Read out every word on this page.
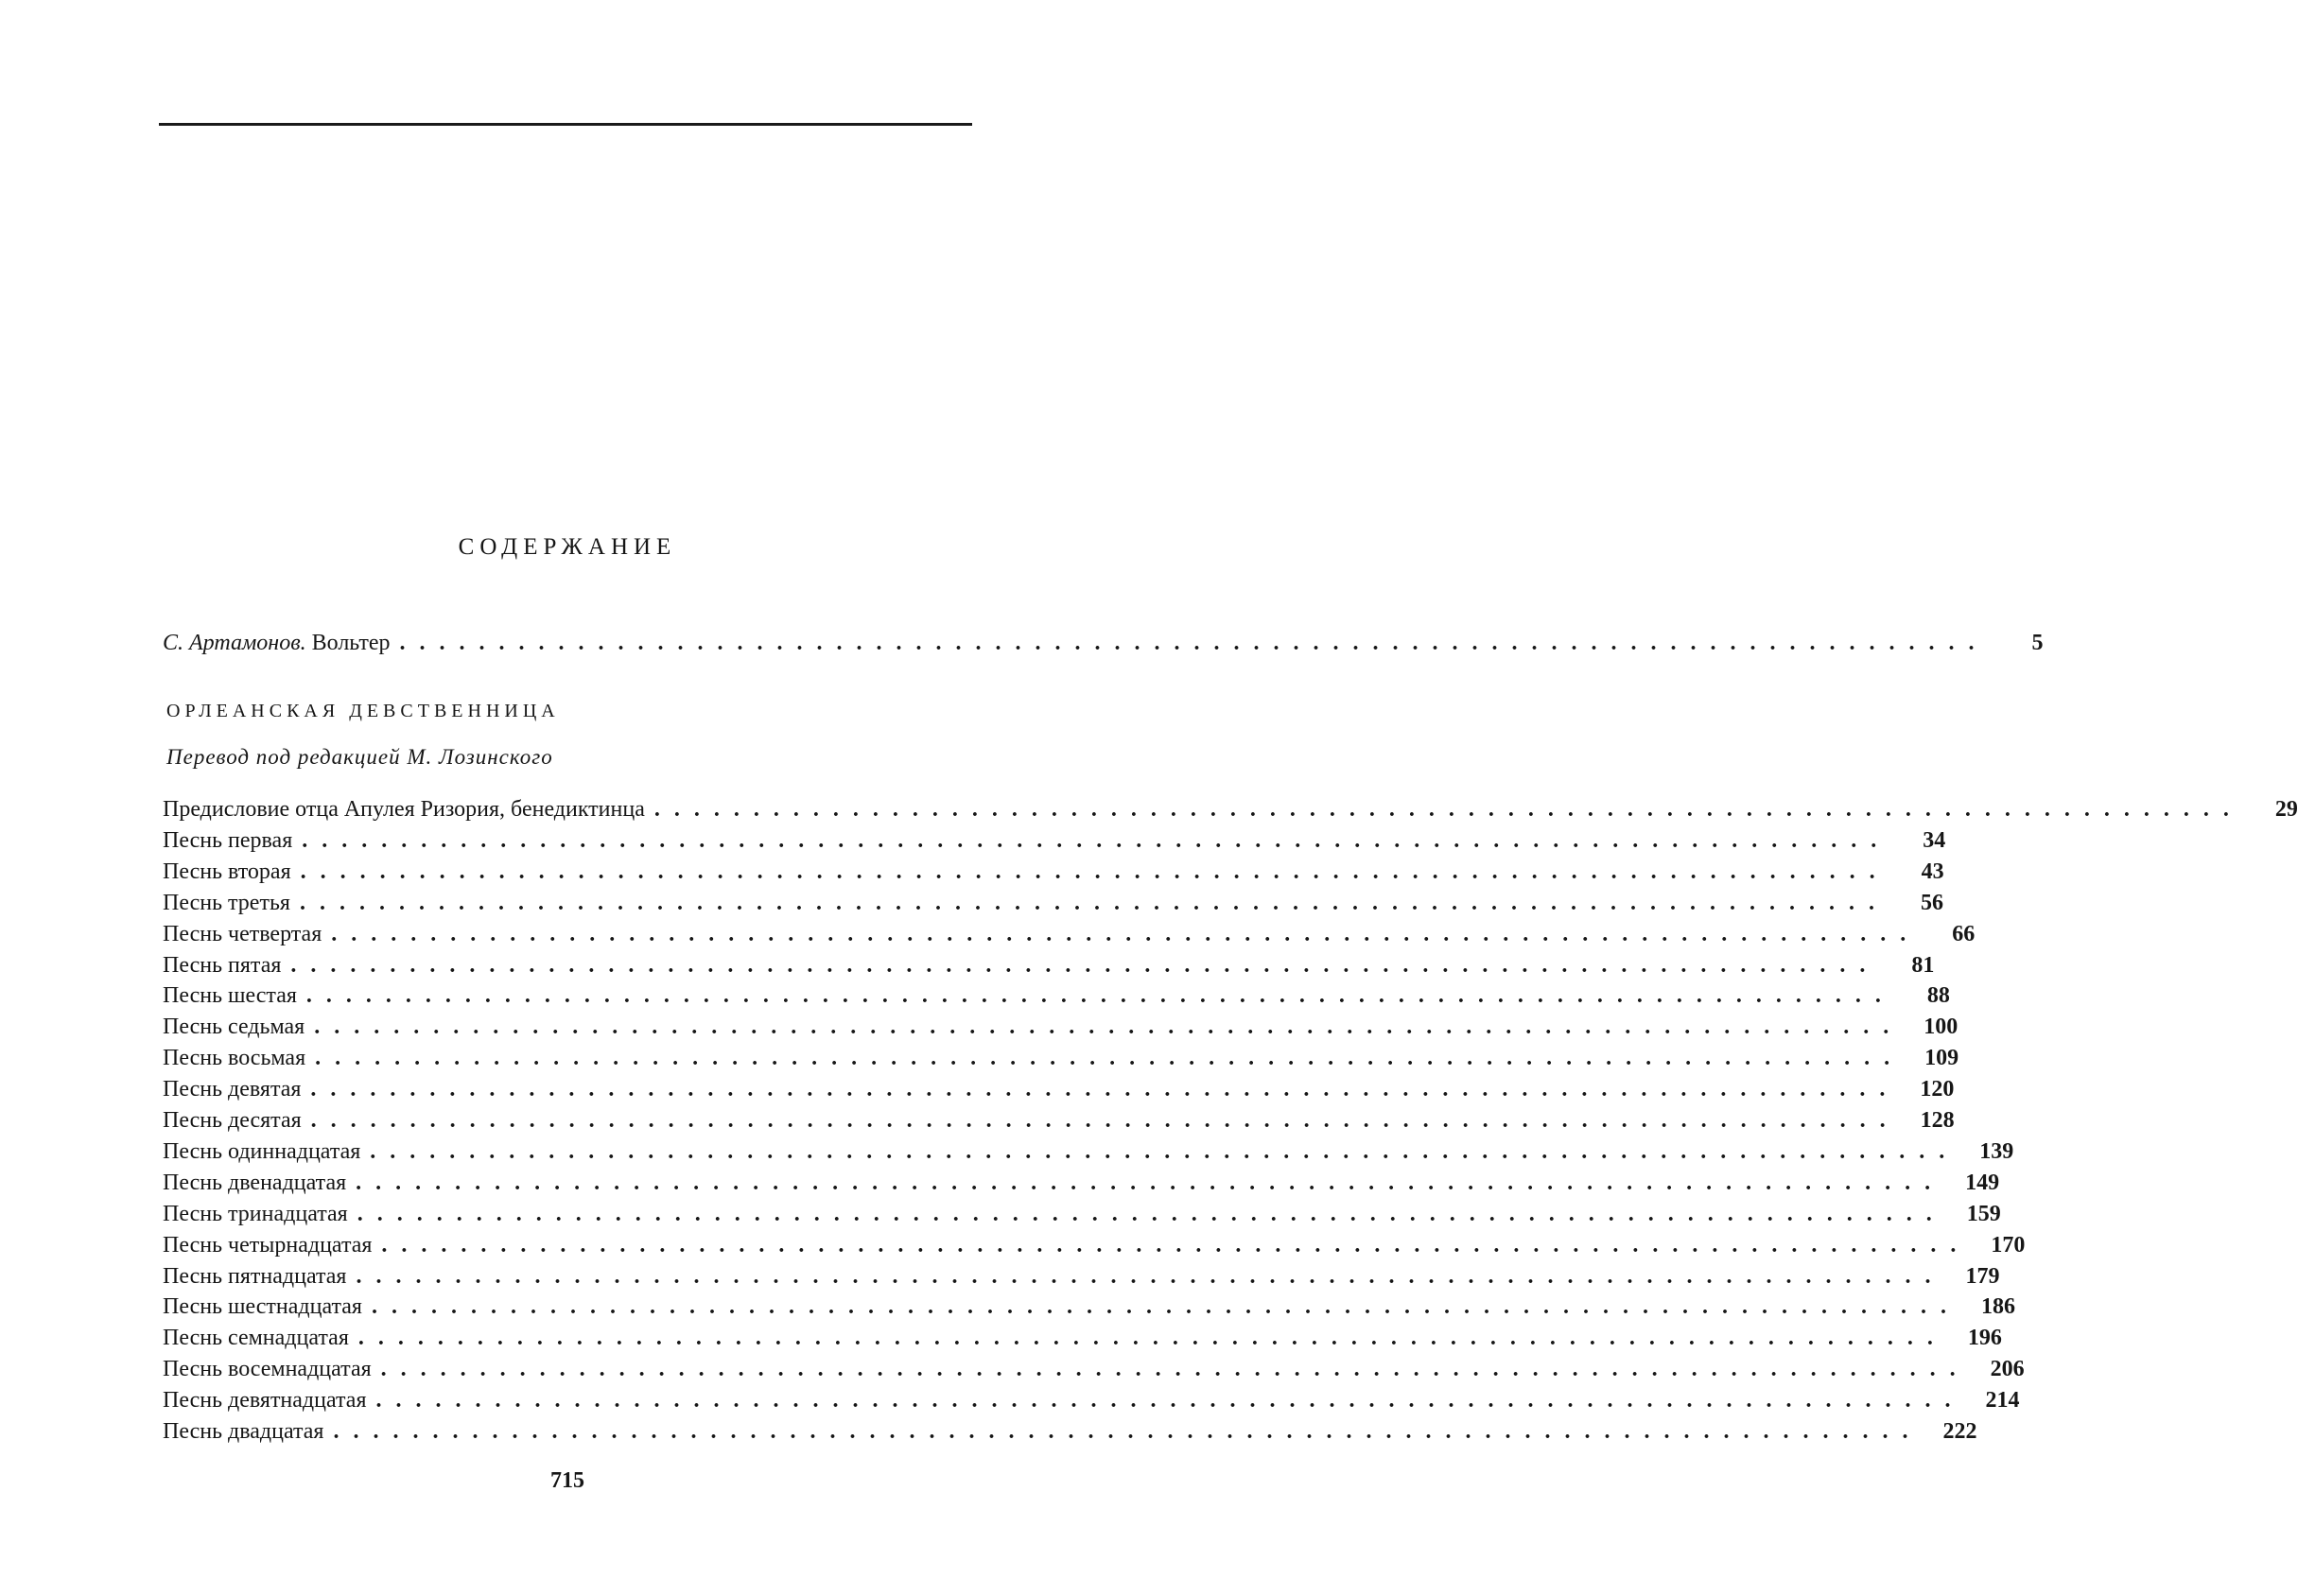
СОДЕРЖАНИЕ
С. Артамонов. Вольтер ................................................................................	5
ОРЛЕАНСКАЯ ДЕВСТВЕННИЦА
Перевод под редакцией М. Лозинского
Предисловие отца Апулея Ризория, бенедиктинца ................................................................................	29
Песнь первая ................................................................................	34
Песнь вторая ................................................................................	43
Песнь третья ................................................................................	56
Песнь четвертая ................................................................................	66
Песнь пятая ................................................................................	81
Песнь шестая ................................................................................	88
Песнь седьмая ................................................................................ 100
Песнь восьмая ................................................................................ 109
Песнь девятая ................................................................................ 120
Песнь десятая ................................................................................ 128
Песнь одиннадцатая ................................................................................ 139
Песнь двенадцатая ................................................................................ 149
Песнь тринадцатая ................................................................................ 159
Песнь четырнадцатая ................................................................................ 170
Песнь пятнадцатая ................................................................................ 179
Песнь шестнадцатая ................................................................................ 186
Песнь семнадцатая ................................................................................ 196
Песнь восемнадцатая ................................................................................ 206
Песнь девятнадцатая ................................................................................ 214
Песнь двадцатая ................................................................................ 222
715
